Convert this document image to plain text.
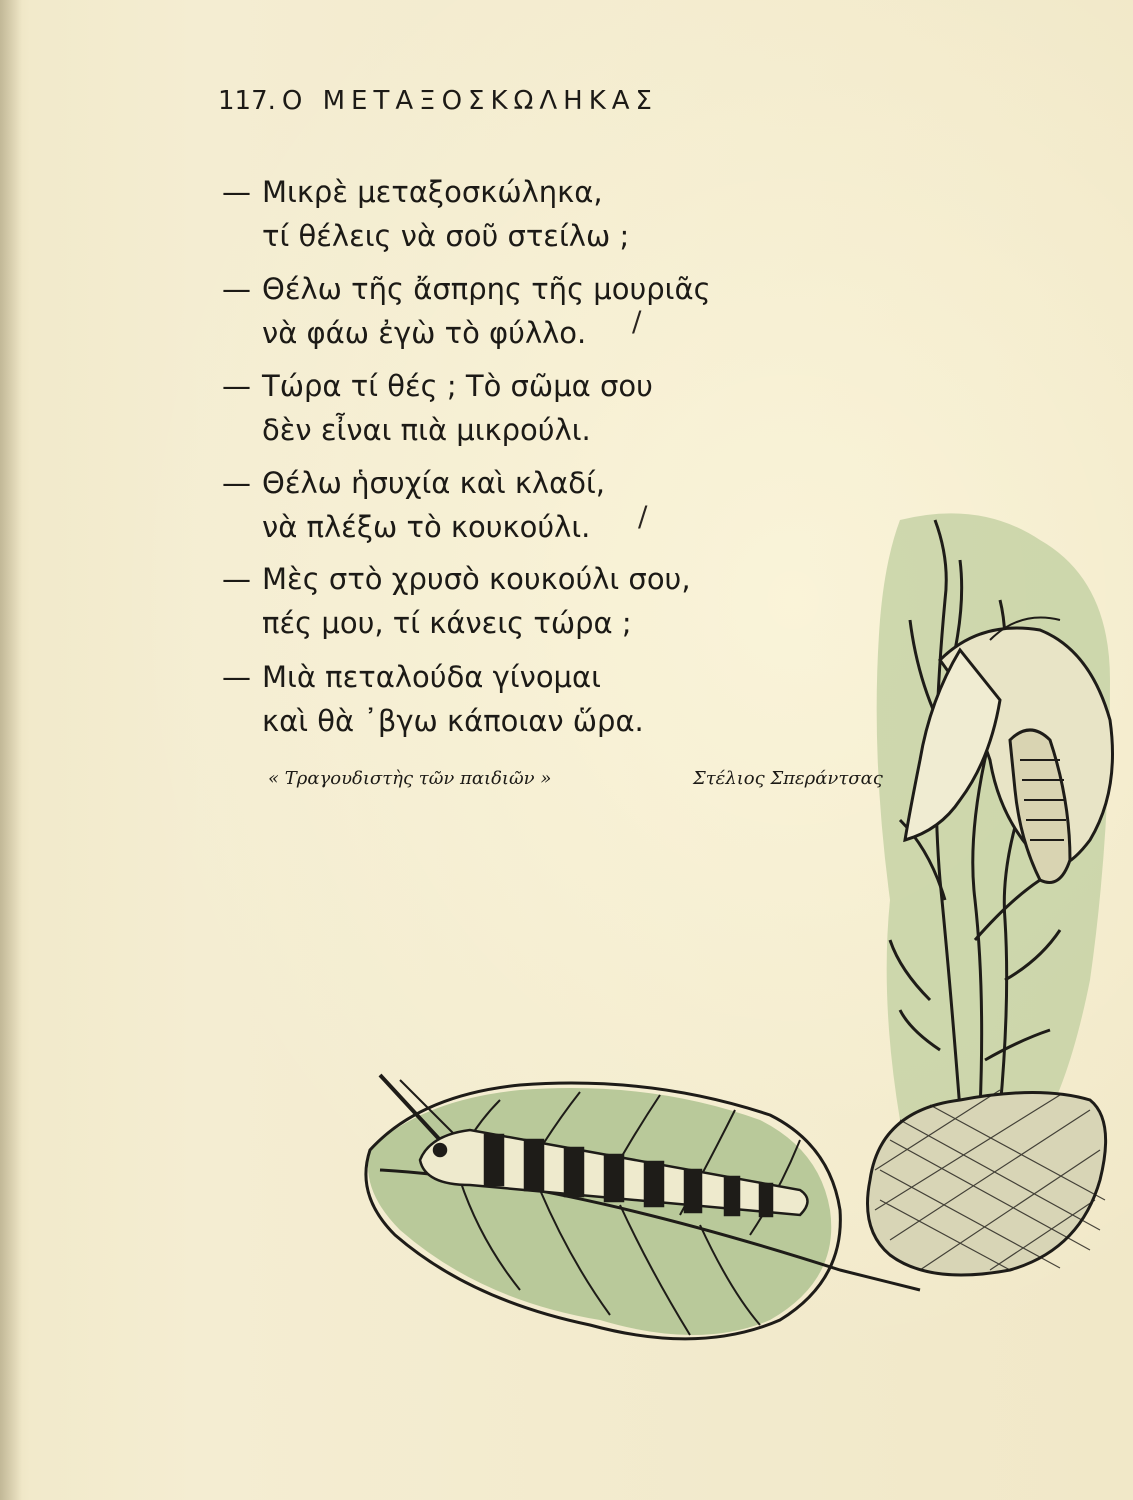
117. Ο ΜΕΤΑΞΟΣΚΩΛΗΚΑΣ
— Μικρὲ μεταξοσκώληκα,
τί θέλεις νὰ σοῦ στείλω ;
— Θέλω τῆς ἄσπρης τῆς μουριᾶς
νὰ φάω ἐγὼ τὸ φύλλο.
— Τώρα τί θές ; Τὸ σῶμα σου
δὲν εἶναι πιὰ μικρούλι.
— Θέλω ἡσυχία καὶ κλαδί,
νὰ πλέξω τὸ κουκούλι.
— Μὲς στὸ χρυσὸ κουκούλι σου,
πές μου, τί κάνεις τώρα ;
— Μιὰ πεταλούδα γίνομαι
καὶ θὰ ᾽βγω κάποιαν ὥρα.
« Τραγουδιστὴς τῶν παιδιῶν »	Στέλιος Σπεράντσας
/
/
